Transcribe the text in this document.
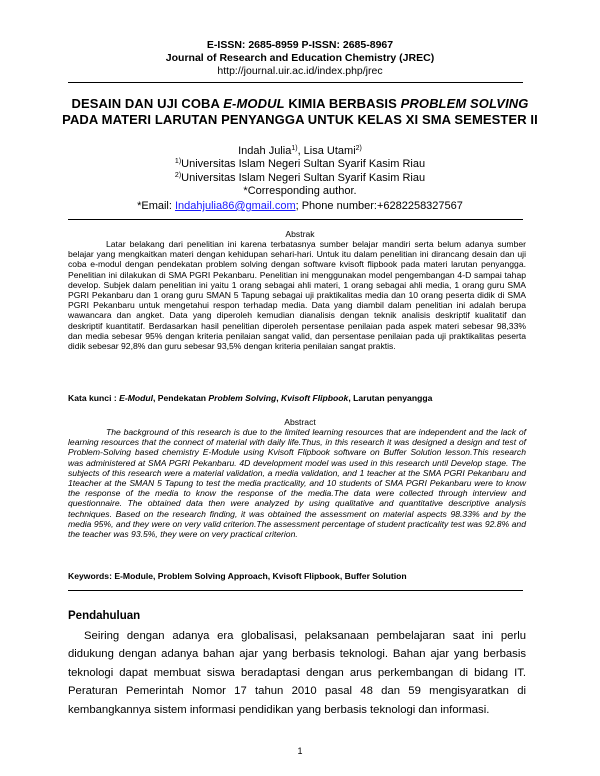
E-ISSN: 2685-8959 P-ISSN: 2685-8967
Journal of Research and Education Chemistry (JREC)
http://journal.uir.ac.id/index.php/jrec
DESAIN DAN UJI COBA E-MODUL KIMIA BERBASIS PROBLEM SOLVING PADA MATERI LARUTAN PENYANGGA UNTUK KELAS XI SMA SEMESTER II
Indah Julia$^{1)}$, Lisa Utami$^{2)}$
$^{1)}$Universitas Islam Negeri Sultan Syarif Kasim Riau
$^{2)}$Universitas Islam Negeri Sultan Syarif Kasim Riau
*Corresponding author.
*Email: Indahjulia86@gmail.com; Phone number:+6282258327567
Abstrak

Latar belakang dari penelitian ini karena terbatasnya sumber belajar mandiri serta belum adanya sumber belajar yang mengkaitkan materi dengan kehidupan sehari-hari. Untuk itu dalam penelitian ini dirancang desain dan uji coba e-modul dengan pendekatan problem solving dengan software kvisoft flipbook pada materi larutan penyangga. Penelitian ini dilakukan di SMA PGRI Pekanbaru. Penelitian ini menggunakan model pengembangan 4-D sampai tahap develop. Subjek dalam penelitian ini yaitu 1 orang sebagai ahli materi, 1 orang sebagai ahli media, 1 orang guru SMA PGRI Pekanbaru dan 1 orang guru SMAN 5 Tapung sebagai uji praktikalitas media dan 10 orang peserta didik di SMA PGRI Pekanbaru untuk mengetahui respon terhadap media. Data yang diambil dalam penelitian ini adalah berupa wawancara dan angket. Data yang diperoleh kemudian dianalisis dengan teknik analisis deskriptif kualitatif dan deskriptif kuantitatif. Berdasarkan hasil penelitian diperoleh persentase penilaian pada aspek materi sebesar 98,33% dan media sebesar 95% dengan kriteria penilaian sangat valid, dan persentase penilaian pada uji praktikalitas peserta didik sebesar 92,8% dan guru sebesar 93,5% dengan kriteria penilaian sangat praktis.

Kata kunci : E-Modul, Pendekatan Problem Solving, Kvisoft Flipbook, Larutan penyangga
Abstract

The background of this research is due to the limited learning resources that are independent and the lack of learning resources that the connect of material with daily life.Thus, in this research it was designed a design and test of Problem-Solving based chemistry E-Module using Kvisoft Flipbook software on Buffer Solution lesson.This research was administered at SMA PGRI Pekanbaru. 4D development model was used in this research until Develop stage. The subjects of this research were a material validation, a media validation, and 1 teacher at the SMA PGRI Pekanbaru and 1teacher at the SMAN 5 Tapung to test the media practicality, and 10 students of SMA PGRI Pekanbaru were to know the response of the media to know the response of the media.The data were collected through interview and questionnaire. The obtained data then were analyzed by using qualitative and quantitative descriptive analysis techniques. Based on the research finding, it was obtained the assessment on material aspects 98.33% and by the media 95%, and they were on very valid criterion.The assessment percentage of student practicality test was 92.8% and the teacher was 93.5%, they were on very practical criterion.

Keywords: E-Module, Problem Solving Approach, Kvisoft Flipbook, Buffer Solution
Pendahuluan

Seiring dengan adanya era globalisasi, pelaksanaan pembelajaran saat ini perlu didukung dengan adanya bahan ajar yang berbasis teknologi. Bahan ajar yang berbasis teknologi dapat membuat siswa beradaptasi dengan arus perkembangan di bidang IT. Peraturan Pemerintah Nomor 17 tahun 2010 pasal 48 dan 59 mengisyaratkan di kembangkannya sistem informasi pendidikan yang berbasis teknologi dan informasi.

1
